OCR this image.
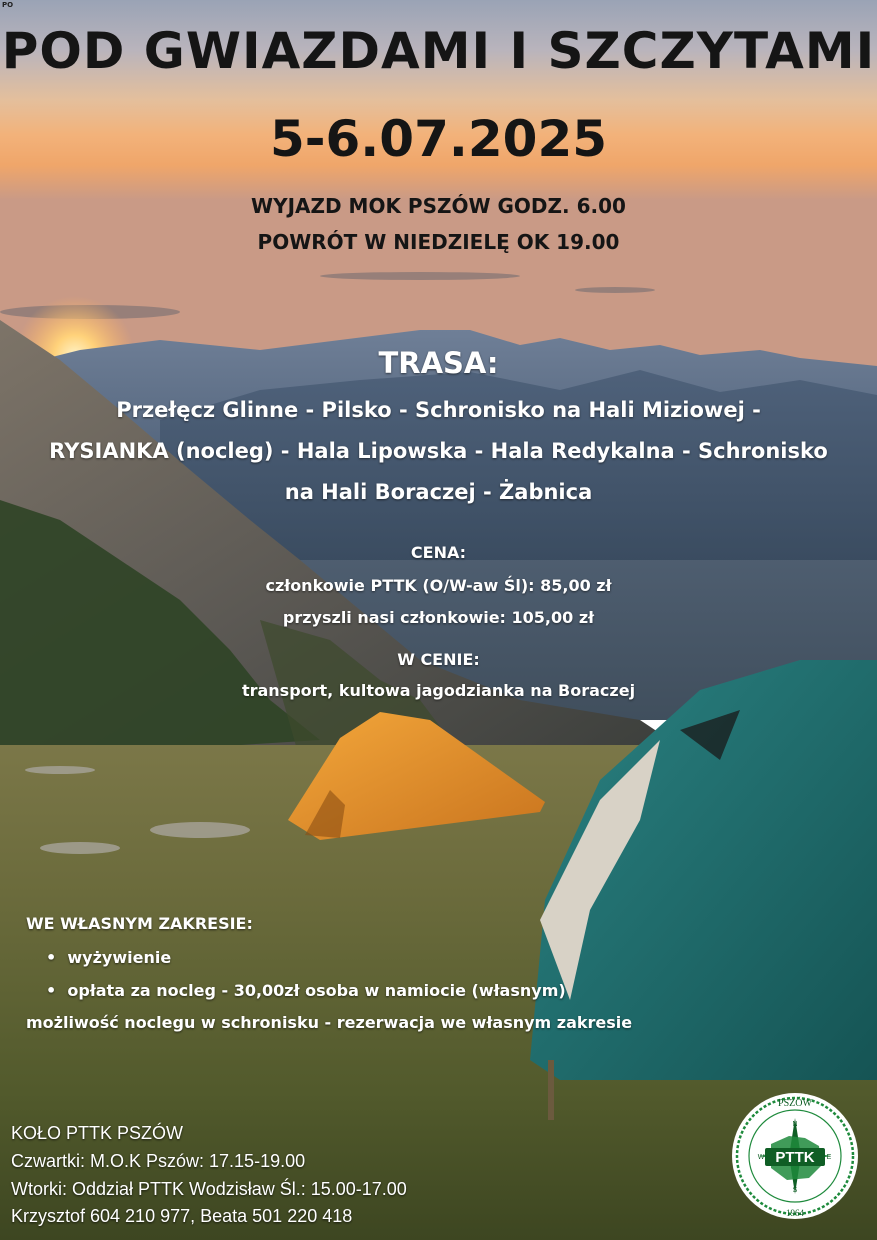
PO
POD GWIAZDAMI I SZCZYTAMI
5-6.07.2025
WYJAZD MOK PSZÓW GODZ. 6.00
POWRÓT W NIEDZIELĘ OK 19.00
TRASA:
Przełęcz Glinne - Pilsko - Schronisko na Hali Miziowej -
RYSIANKA (nocleg) - Hala Lipowska - Hala Redykalna - Schronisko
na Hali Boraczej - Żabnica
CENA:
członkowie PTTK (O/W-aw Śl): 85,00 zł
przyszli nasi członkowie: 105,00 zł
W CENIE:
transport, kultowa jagodzianka na Boraczej
WE WŁASNYM ZAKRESIE:
•  wyżywienie
•  opłata za nocleg - 30,00zł osoba w namiocie (własnym)
możliwość noclegu w schronisku - rezerwacja we własnym zakresie
KOŁO PTTK PSZÓW
Czwartki: M.O.K Pszów: 17.15-19.00
Wtorki: Oddział PTTK Wodzisław Śl.: 15.00-17.00
Krzysztof 604 210 977, Beata 501 220 418
PSZÓW
1964
N
E
S
W PTTK
